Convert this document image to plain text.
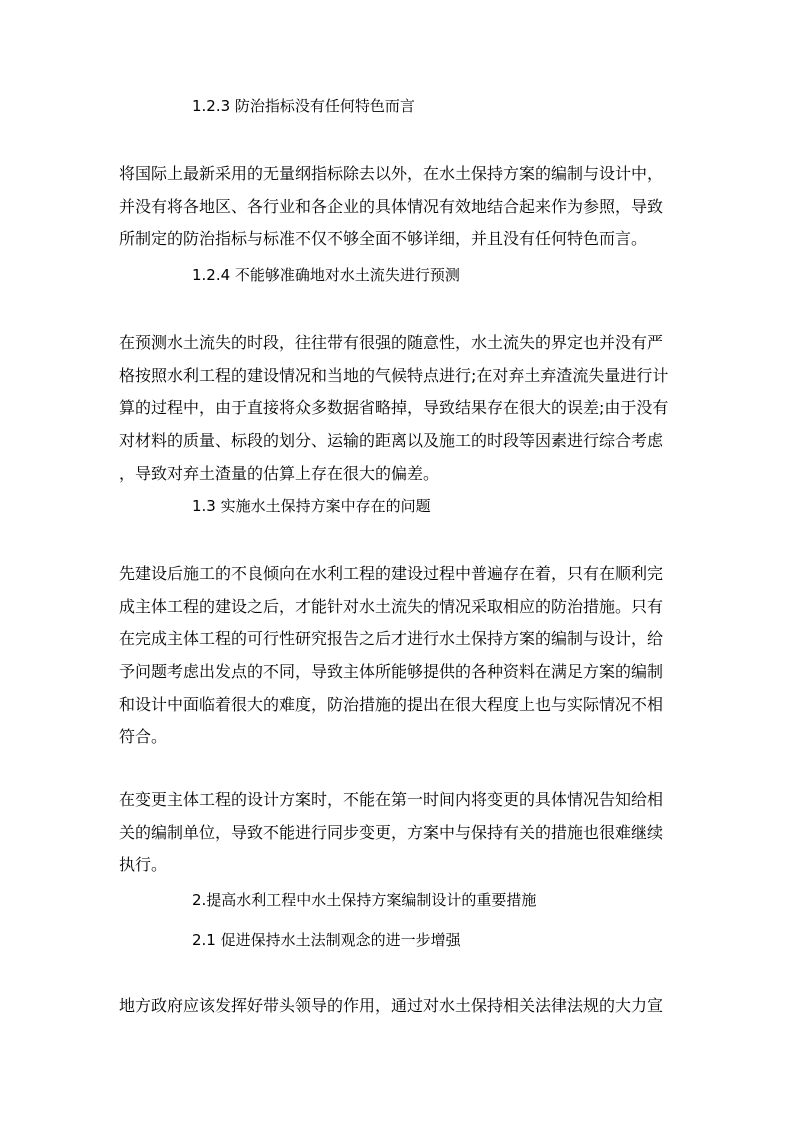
1.2.3 防治指标没有任何特色而言
将国际上最新采用的无量纲指标除去以外，在水土保持方案的编制与设计中，
并没有将各地区、各行业和各企业的具体情况有效地结合起来作为参照，导致
所制定的防治指标与标准不仅不够全面不够详细，并且没有任何特色而言。
1.2.4 不能够准确地对水土流失进行预测
在预测水土流失的时段，往往带有很强的随意性，水土流失的界定也并没有严
格按照水利工程的建设情况和当地的气候特点进行;在对弃土弃渣流失量进行计
算的过程中，由于直接将众多数据省略掉，导致结果存在很大的误差;由于没有
对材料的质量、标段的划分、运输的距离以及施工的时段等因素进行综合考虑
，导致对弃土渣量的估算上存在很大的偏差。
1.3 实施水土保持方案中存在的问题
先建设后施工的不良倾向在水利工程的建设过程中普遍存在着，只有在顺利完
成主体工程的建设之后，才能针对水土流失的情况采取相应的防治措施。只有
在完成主体工程的可行性研究报告之后才进行水土保持方案的编制与设计，给
予问题考虑出发点的不同，导致主体所能够提供的各种资料在满足方案的编制
和设计中面临着很大的难度，防治措施的提出在很大程度上也与实际情况不相
符合。
在变更主体工程的设计方案时，不能在第一时间内将变更的具体情况告知给相
关的编制单位，导致不能进行同步变更，方案中与保持有关的措施也很难继续
执行。
2.提高水利工程中水土保持方案编制设计的重要措施
2.1 促进保持水土法制观念的进一步增强
地方政府应该发挥好带头领导的作用，通过对水土保持相关法律法规的大力宣
